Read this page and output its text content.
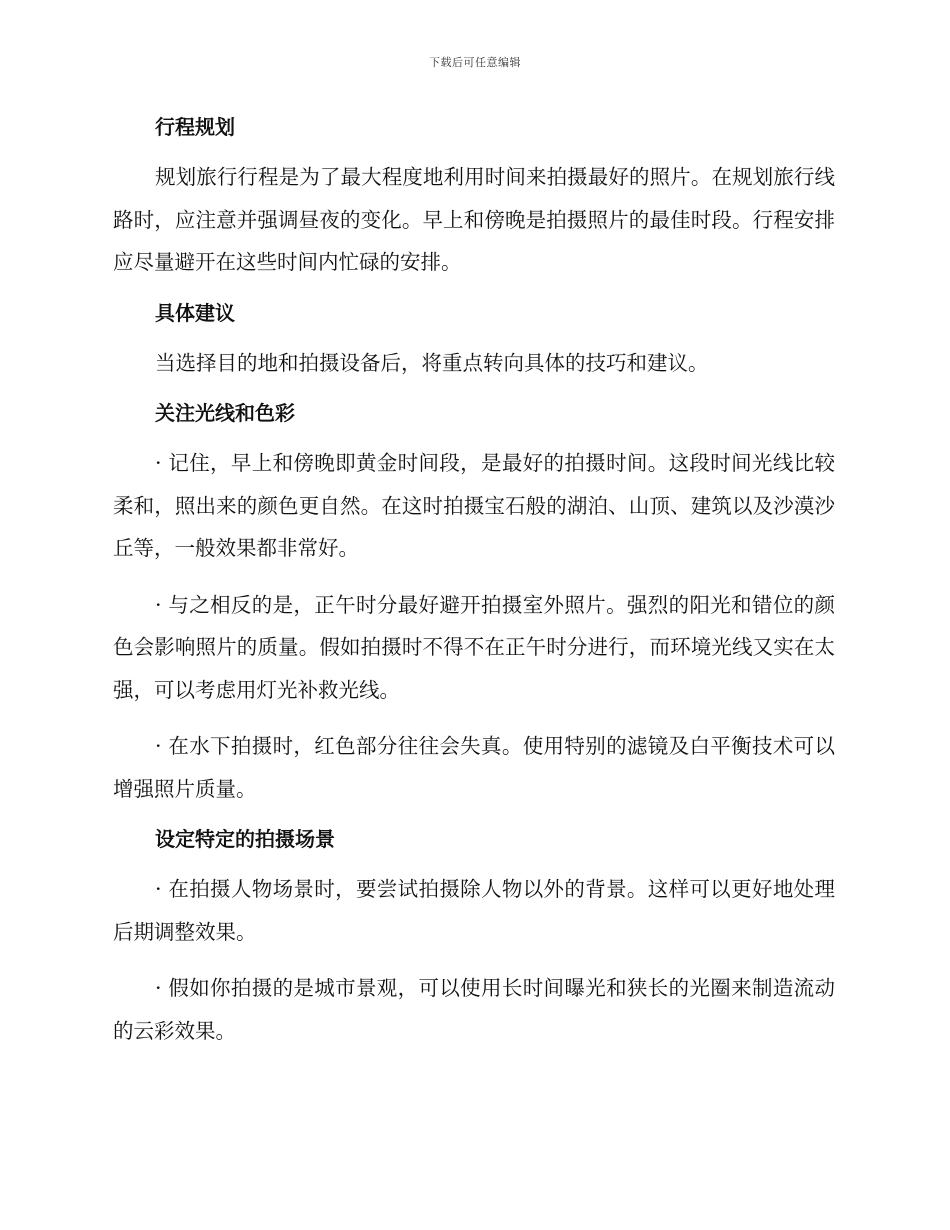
下载后可任意编辑
行程规划

规划旅行行程是为了最大程度地利用时间来拍摄最好的照片。在规划旅行线路时，应注意并强调昼夜的变化。早上和傍晚是拍摄照片的最佳时段。行程安排应尽量避开在这些时间内忙碌的安排。

具体建议

当选择目的地和拍摄设备后，将重点转向具体的技巧和建议。

关注光线和色彩

· 记住，早上和傍晚即黄金时间段，是最好的拍摄时间。这段时间光线比较柔和，照出来的颜色更自然。在这时拍摄宝石般的湖泊、山顶、建筑以及沙漠沙丘等，一般效果都非常好。

· 与之相反的是，正午时分最好避开拍摄室外照片。强烈的阳光和错位的颜色会影响照片的质量。假如拍摄时不得不在正午时分进行，而环境光线又实在太强，可以考虑用灯光补救光线。

· 在水下拍摄时，红色部分往往会失真。使用特别的滤镜及白平衡技术可以增强照片质量。

设定特定的拍摄场景

· 在拍摄人物场景时，要尝试拍摄除人物以外的背景。这样可以更好地处理后期调整效果。

· 假如你拍摄的是城市景观，可以使用长时间曝光和狭长的光圈来制造流动的云彩效果。
